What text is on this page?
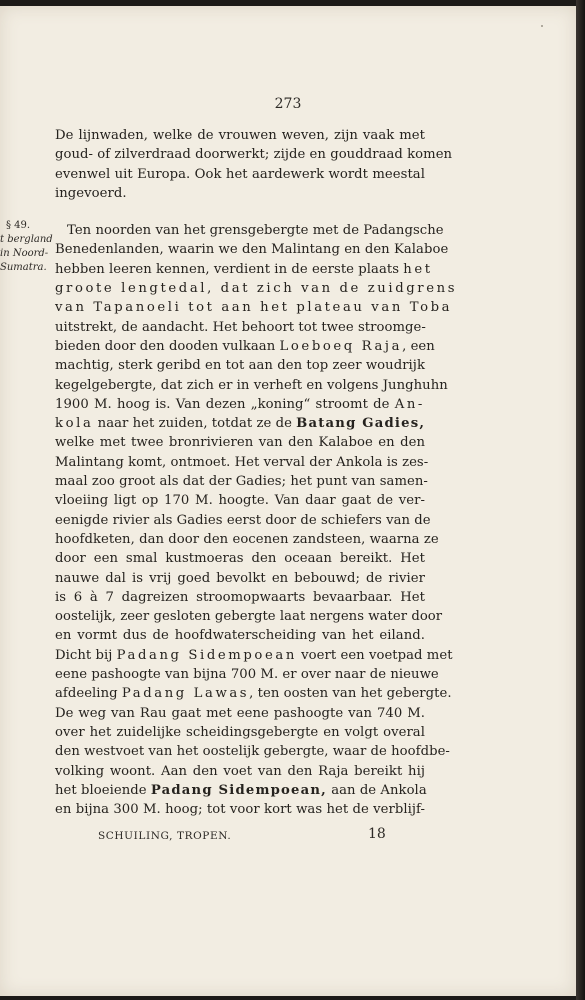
273
§ 49.
t bergland
in Noord-
Sumatra.
De lijnwaden, welke de vrouwen weven, zijn vaak met
goud- of zilverdraad doorwerkt; zijde en gouddraad komen
evenwel uit Europa. Ook het aardewerk wordt meestal
ingevoerd.
Ten noorden van het grensgebergte met de Padangsche
Benedenlanden, waarin we den Malintang en den Kalaboe
hebben leeren kennen, verdient in de eerste plaats het
groote lengtedal, dat zich van de zuidgrens
van Tapanoeli tot aan het plateau van Toba
uitstrekt, de aandacht. Het behoort tot twee stroomge-
bieden door den dooden vulkaan Loeboeq Raja, een
machtig, sterk geribd en tot aan den top zeer woudrijk
kegelgebergte, dat zich er in verheft en volgens Junghuhn
1900 M. hoog is. Van dezen „koning“ stroomt de An-
kola naar het zuiden, totdat ze de Batang Gadies,
welke met twee bronrivieren van den Kalaboe en den
Malintang komt, ontmoet. Het verval der Ankola is zes-
maal zoo groot als dat der Gadies; het punt van samen-
vloeiing ligt op 170 M. hoogte. Van daar gaat de ver-
eenigde rivier als Gadies eerst door de schiefers van de
hoofdketen, dan door den eocenen zandsteen, waarna ze
door een smal kustmoeras den oceaan bereikt. Het
nauwe dal is vrij goed bevolkt en bebouwd; de rivier
is 6 à 7 dagreizen stroomopwaarts bevaarbaar. Het
oostelijk, zeer gesloten gebergte laat nergens water door
en vormt dus de hoofdwaterscheiding van het eiland.
Dicht bij Padang Sidempoean voert een voetpad met
eene pashoogte van bijna 700 M. er over naar de nieuwe
afdeeling Padang Lawas, ten oosten van het gebergte.
De weg van Rau gaat met eene pashoogte van 740 M.
over het zuidelijke scheidingsgebergte en volgt overal
den westvoet van het oostelijk gebergte, waar de hoofdbe-
volking woont. Aan den voet van den Raja bereikt hij
het bloeiende Padang Sidempoean, aan de Ankola
en bijna 300 M. hoog; tot voor kort was het de verblijf-
SCHUILING, TROPEN.	18
